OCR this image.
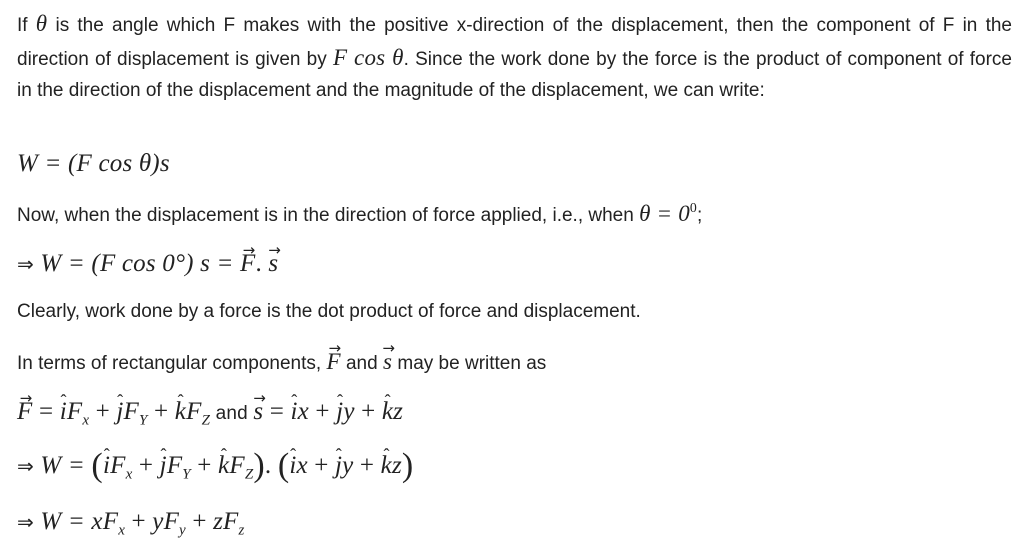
If θ is the angle which F makes with the positive x-direction of the displacement, then the component of F in the direction of displacement is given by F cos θ. Since the work done by the force is the product of component of force in the direction of the displacement and the magnitude of the displacement, we can write:
W = (F cos θ)s
Now, when the displacement is in the direction of force applied, i.e., when $\theta = 0^0$;
⇒ W = (F cos 0°) s = → F. → s
Clearly, work done by a force is the dot product of force and displacement.
In terms of rectangular components, → F and → s may be written as
→ F = ˆ $iF_x$ + ˆ $jF_Y$ + ˆ $kF_Z$ and → s = ˆ ix + ˆ jy + ˆ kz
⇒ W = (ˆ $iF_x$ + ˆ $jF_Y$ + ˆ $kF_Z$). (ˆ ix + ˆ jy + ˆ kz)
⇒ $W = xF_x + yF_y + zF_z$
